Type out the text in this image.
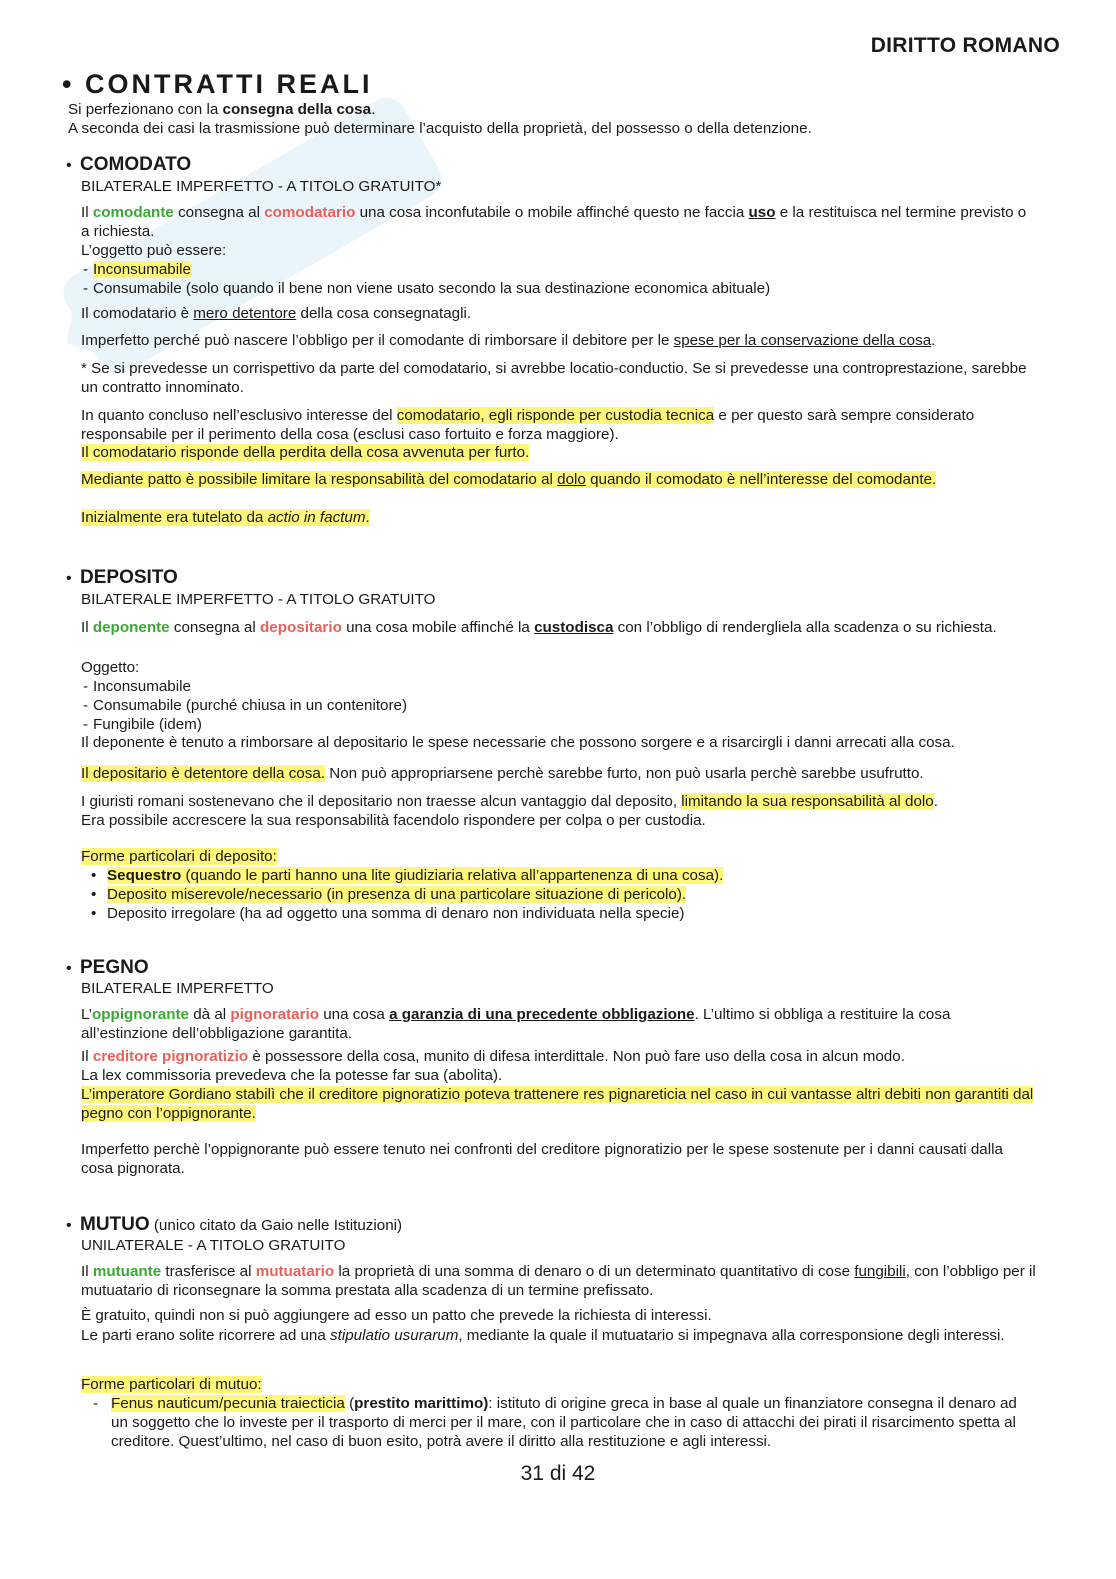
DIRITTO ROMANO
• CONTRATTI REALI
Si perfezionano con la consegna della cosa.
A seconda dei casi la trasmissione può determinare l’acquisto della proprietà, del possesso o della detenzione.
• COMODATO
BILATERALE IMPERFETTO - A TITOLO GRATUITO*
Il comodante consegna al comodatario una cosa inconfutabile o mobile affinché questo ne faccia uso e la restituisca nel termine previsto o a richiesta.
L’oggetto può essere:
- Inconsumabile
- Consumabile (solo quando il bene non viene usato secondo la sua destinazione economica abituale)
Il comodatario è mero detentore della cosa consegnatagli.
Imperfetto perché può nascere l’obbligo per il comodante di rimborsare il debitore per le spese per la conservazione della cosa.
* Se si prevedesse un corrispettivo da parte del comodatario, si avrebbe locatio-conductio. Se si prevedesse una controprestazione, sarebbe un contratto innominato.
In quanto concluso nell’esclusivo interesse del comodatario, egli risponde per custodia tecnica e per questo sarà sempre considerato responsabile per il perimento della cosa (esclusi caso fortuito e forza maggiore).
Il comodatario risponde della perdita della cosa avvenuta per furto.
Mediante patto è possibile limitare la responsabilità del comodatario al dolo quando il comodato è nell’interesse del comodante.
Inizialmente era tutelato da actio in factum.
• DEPOSITO
BILATERALE IMPERFETTO - A TITOLO GRATUITO
Il deponente consegna al depositario una cosa mobile affinché la custodisca con l’obbligo di rendergliela alla scadenza o su richiesta.
Oggetto:
- Inconsumabile
- Consumabile (purché chiusa in un contenitore)
- Fungibile (idem)
Il deponente è tenuto a rimborsare al depositario le spese necessarie che possono sorgere e a risarcirgli i danni arrecati alla cosa.
Il depositario è detentore della cosa. Non può appropriarsene perchè sarebbe furto, non può usarla perchè sarebbe usufrutto.
I giuristi romani sostenevano che il depositario non traesse alcun vantaggio dal deposito, limitando la sua responsabilità al dolo.
Era possibile accrescere la sua responsabilità facendolo rispondere per colpa o per custodia.
Forme particolari di deposito:
• Sequestro (quando le parti hanno una lite giudiziaria relativa all’appartenenza di una cosa).
• Deposito miserevole/necessario (in presenza di una particolare situazione di pericolo).
• Deposito irregolare (ha ad oggetto una somma di denaro non individuata nella specie)
• PEGNO
BILATERALE IMPERFETTO
L’oppignorante dà al pignoratario una cosa a garanzia di una precedente obbligazione. L’ultimo si obbliga a restituire la cosa all’estinzione dell’obbligazione garantita.
Il creditore pignoratizio è possessore della cosa, munito di difesa interdittale. Non può fare uso della cosa in alcun modo.
La lex commissoria prevedeva che la potesse far sua (abolita).
L’imperatore Gordiano stabilì che il creditore pignoratizio poteva trattenere res pignareticia nel caso in cui vantasse altri debiti non garantiti dal pegno con l’oppignorante.
Imperfetto perchè l’oppignorante può essere tenuto nei confronti del creditore pignoratizio per le spese sostenute per i danni causati dalla cosa pignorata.
• MUTUO (unico citato da Gaio nelle Istituzioni)
UNILATERALE - A TITOLO GRATUITO
Il mutuante trasferisce al mutuatario la proprietà di una somma di denaro o di un determinato quantitativo di cose fungibili, con l’obbligo per il mutuatario di riconsegnare la somma prestata alla scadenza di un termine prefissato.
È gratuito, quindi non si può aggiungere ad esso un patto che prevede la richiesta di interessi.
Le parti erano solite ricorrere ad una stipulatio usurarum, mediante la quale il mutuatario si impegnava alla corresponsione degli interessi.
Forme particolari di mutuo:
- Fenus nauticum/pecunia traiecticia (prestito marittimo): istituto di origine greca in base al quale un finanziatore consegna il denaro ad un soggetto che lo investe per il trasporto di merci per il mare, con il particolare che in caso di attacchi dei pirati il risarcimento spetta al creditore. Quest’ultimo, nel caso di buon esito, potrà avere il diritto alla restituzione e agli interessi.
31 di 42
